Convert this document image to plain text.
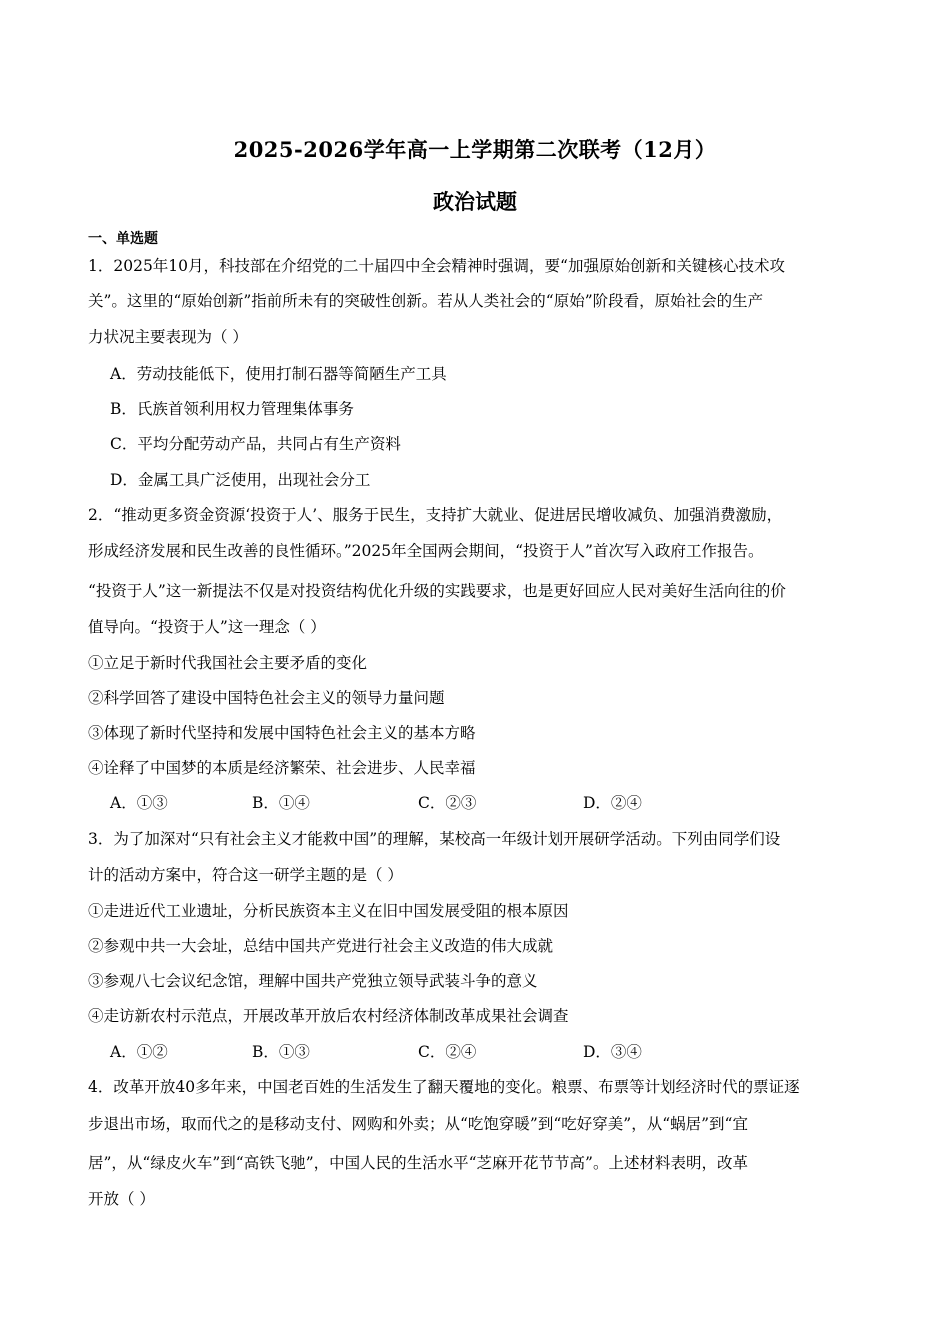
2025-2026学年高一上学期第二次联考（12月）
政治试题
一、单选题
1．2025年10月，科技部在介绍党的二十届四中全会精神时强调，要“加强原始创新和关键核心技术攻
关”。这里的“原始创新”指前所未有的突破性创新。若从人类社会的“原始”阶段看，原始社会的生产
力状况主要表现为（ ）
A．劳动技能低下，使用打制石器等简陋生产工具
B．氏族首领利用权力管理集体事务
C．平均分配劳动产品，共同占有生产资料
D．金属工具广泛使用，出现社会分工
2．“推动更多资金资源‘投资于人’、服务于民生，支持扩大就业、促进居民增收减负、加强消费激励，
形成经济发展和民生改善的良性循环。”2025年全国两会期间，“投资于人”首次写入政府工作报告。
“投资于人”这一新提法不仅是对投资结构优化升级的实践要求，也是更好回应人民对美好生活向往的价
值导向。“投资于人”这一理念（ ）
①立足于新时代我国社会主要矛盾的变化
②科学回答了建设中国特色社会主义的领导力量问题
③体现了新时代坚持和发展中国特色社会主义的基本方略
④诠释了中国梦的本质是经济繁荣、社会进步、人民幸福
A．①③	B．①④	C．②③	D．②④
3．为了加深对“只有社会主义才能救中国”的理解，某校高一年级计划开展研学活动。下列由同学们设
计的活动方案中，符合这一研学主题的是（ ）
①走进近代工业遗址，分析民族资本主义在旧中国发展受阻的根本原因
②参观中共一大会址，总结中国共产党进行社会主义改造的伟大成就
③参观八七会议纪念馆，理解中国共产党独立领导武装斗争的意义
④走访新农村示范点，开展改革开放后农村经济体制改革成果社会调查
A．①②	B．①③	C．②④	D．③④
4．改革开放40多年来，中国老百姓的生活发生了翻天覆地的变化。粮票、布票等计划经济时代的票证逐
步退出市场，取而代之的是移动支付、网购和外卖；从“吃饱穿暖”到“吃好穿美”，从“蜗居”到“宜
居”，从“绿皮火车”到“高铁飞驰”，中国人民的生活水平“芝麻开花节节高”。上述材料表明，改革
开放（ ）
